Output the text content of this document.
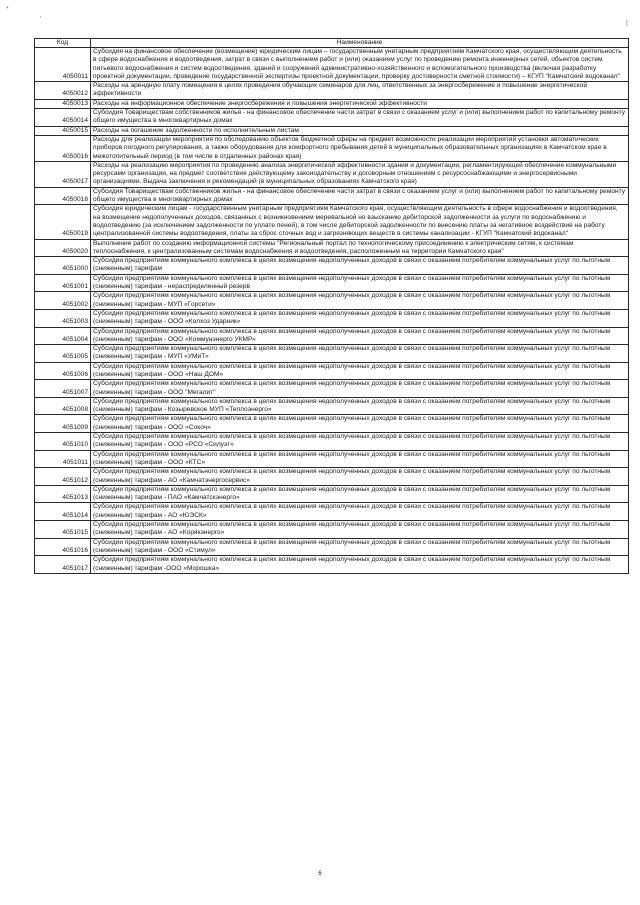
*
'
|
Код	Наименование
4050011	Субсидия на финансовое обеспечение (возмещение) юридическим лицам – государственным унитарным предприятиям Камчатского края, осуществляющим деятельность в сфере водоснабжения и водоотведения, затрат в связи с выполнением работ и (или) оказанием услуг по проведению ремонта инженерных сетей, объектов систем питьевого водоснабжения и систем водоотведения, зданий и сооружений административно-хозяйственного и вспомогательного производства (включая разработку проектной документации, проведение государственной экспертизы проектной документации, проверку достоверности сметной стоимости) – КГУП "Камчатский водоканал"
4050012	Расходы на арендную плату помещения в целях проведения обучающих семинаров для лиц, ответственных за энергосбережение и повышение энергетической эффективности
4050013	Расходы на информационное обеспечение энергосбережения и повышения энергетической эффективности
4050014	Субсидия Товариществам собственников жилья - на финансовое обеспечение части затрат в связи с оказанием услуг и (или) выполнением работ по капитальному ремонту общего имущества в многоквартирных домах
4050015	Расходы на погашение задолженности по исполнительным листам
4050016	Расходы для реализации мероприятия по обследованию объектов бюджетной сферы на предмет возможности реализации мероприятий установки автоматических приборов погодного регулирования, а также оборудования для комфортного пребывания детей в муниципальных образовательных организациях в Камчатском крае в межотопительный период (в том числе в отдаленных районах края)
4050017	Расходы на реализацию мероприятия по проведению анализа энергетической эффективности здания и документации, регламентирующей обеспечение коммунальными ресурсами организации, на предмет соответствия действующему законодательству и договорным отношениям с ресурсоснабжающими и энергосервисными организациями. Выдача заключения и рекомендаций (в муниципальных образованиях Камчатского края)
4050018	Субсидия Товариществам собственников жилья - на финансовое обеспечение части затрат в связи с оказанием услуг и (или) выполнением работ по капитальному ремонту общего имущества в многоквартирных домах
4050019	Субсидия юридическим лицам - государственным унитарным предприятиям Камчатского края, осуществляющим деятельность в сфере водоснабжения и водоотведения, на возмещение недополученных доходов, связанных с возникновением меревальной но взысканию дебиторской задолженности за услуги по водоснабжению и водоотведению (за исключением задолженности по уплате пеней), в том числе дебиторской задолженности по внесению платы за негативное воздействие на работу централизованной системы водоотведения, платы за сброс сточных вод и загрязняющих веществ в системы канализации - КГУП "Камчатский водоканал"
4050020	Выполнение работ по созданию информационной системы "Региональный портал по технологическому присоединению к электрическим сетям, к системам теплоснабжения, к централизованным системам водоснабжения и водоотведения, расположенным на территории Камчатского края"
4051000	Субсидии предприятиям коммунального комплекса в целях возмещения недополученных доходов в связи с оказанием потребителям коммунальных услуг по льготным (сниженным) тарифам
4051001	Субсидии предприятиям коммунального комплекса в целях возмещения недополученных доходов в связи с оказанием потребителям коммунальных услуг по льготным (сниженным) тарифам - нераспределенный резерв
4051002	Субсидии предприятиям коммунального комплекса в целях возмещения недополученных доходов в связи с оказанием потребителям коммунальных услуг по льготным (сниженным) тарифам - МУП «Горсети»
4051003	Субсидии предприятиям коммунального комплекса в целях возмещения недополученных доходов в связи с оказанием потребителям коммунальных услуг по льготным (сниженным) тарифам - ООО «Колхоз Ударник»
4051004	Субсидии предприятиям коммунального комплекса в целях возмещения недополученных доходов в связи с оказанием потребителям коммунальных услуг по льготным (сниженным) тарифам - ООО «Коммунэнерго УКМР»
4051005	Субсидии предприятиям коммунального комплекса в целях возмещения недополученных доходов в связи с оказанием потребителям коммунальных услуг по льготным (сниженным) тарифам - МУП «УМиТ»
4051006	Субсидии предприятиям коммунального комплекса в целях возмещения недополученных доходов в связи с оказанием потребителям коммунальных услуг по льготным (сниженным) тарифам - ООО «Наш ДОМ»
4051007	Субсидии предприятиям коммунального комплекса в целях возмещения недополученных доходов в связи с оказанием потребителям коммунальных услуг по льготным (сниженным) тарифам - ООО "Мегалит"
4051008	Субсидии предприятиям коммунального комплекса в целях возмещения недополученных доходов в связи с оказанием потребителям коммунальных услуг по льготным (сниженным) тарифам - Козыревское МУП «Теплоэнерго»
4051009	Субсидии предприятиям коммунального комплекса в целях возмещения недополученных доходов в связи с оказанием потребителям коммунальных услуг по льготным (сниженным) тарифам - ООО «Сокоч»
4051010	Субсидии предприятиям коммунального комплекса в целях возмещения недополученных доходов в связи с оказанием потребителям коммунальных услуг по льготным (сниженным) тарифам - ООО «РСО «Силуэт»
4051011	Субсидии предприятиям коммунального комплекса в целях возмещения недополученных доходов в связи с оказанием потребителям коммунальных услуг по льготным (сниженным) тарифам - ООО «КТС»
4051012	Субсидии предприятиям коммунального комплекса в целях возмещения недополученных доходов в связи с оказанием потребителям коммунальных услуг по льготным (сниженным) тарифам - АО «Камчатэнергосервис»
4051013	Субсидии предприятиям коммунального комплекса в целях возмещения недополученных доходов в связи с оказанием потребителям коммунальных услуг по льготным (сниженным) тарифам - ПАО «Камчатскэнерго»
4051014	Субсидии предприятиям коммунального комплекса в целях возмещения недополученных доходов в связи с оказанием потребителям коммунальных услуг по льготным (сниженным) тарифам - АО «ЮЭСК»
4051015	Субсидии предприятиям коммунального комплекса в целях возмещения недополученных доходов в связи с оказанием потребителям коммунальных услуг по льготным (сниженным) тарифам - АО «Корякэнерго»
4051016	Субсидии предприятиям коммунального комплекса в целях возмещения недополученных доходов в связи с оказанием потребителям коммунальных услуг по льготным (сниженным) тарифам - ООО «Стимул»
4051017	Субсидии предприятиям коммунального комплекса в целях возмещения недополученных доходов в связи с оказанием потребителям коммунальных услуг по льготным (сниженным) тарифам -ООО «Морошка»
6
